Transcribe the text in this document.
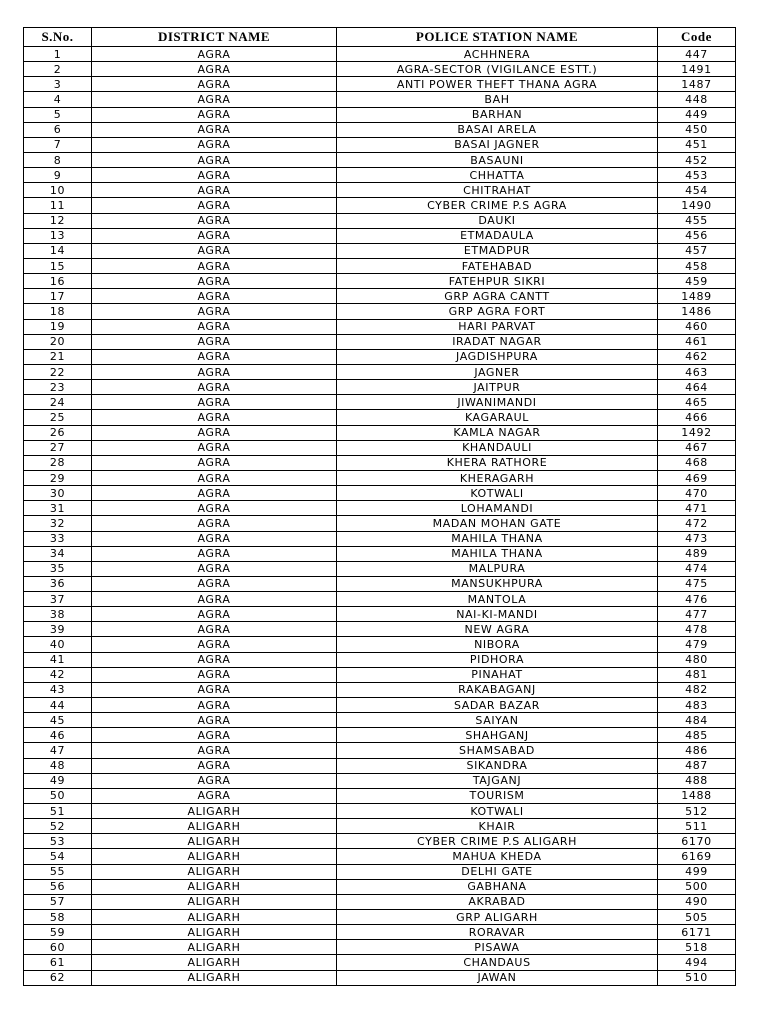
S.No.	DISTRICT NAME	POLICE STATION NAME	Code
1	AGRA	ACHHNERA	447
2	AGRA	AGRA-SECTOR (VIGILANCE ESTT.)	1491
3	AGRA	ANTI POWER THEFT THANA AGRA	1487
4	AGRA	BAH	448
5	AGRA	BARHAN	449
6	AGRA	BASAI ARELA	450
7	AGRA	BASAI JAGNER	451
8	AGRA	BASAUNI	452
9	AGRA	CHHATTA	453
10	AGRA	CHITRAHAT	454
11	AGRA	CYBER CRIME P.S AGRA	1490
12	AGRA	DAUKI	455
13	AGRA	ETMADAULA	456
14	AGRA	ETMADPUR	457
15	AGRA	FATEHABAD	458
16	AGRA	FATEHPUR SIKRI	459
17	AGRA	GRP AGRA CANTT	1489
18	AGRA	GRP AGRA FORT	1486
19	AGRA	HARI PARVAT	460
20	AGRA	IRADAT NAGAR	461
21	AGRA	JAGDISHPURA	462
22	AGRA	JAGNER	463
23	AGRA	JAITPUR	464
24	AGRA	JIWANIMANDI	465
25	AGRA	KAGARAUL	466
26	AGRA	KAMLA NAGAR	1492
27	AGRA	KHANDAULI	467
28	AGRA	KHERA RATHORE	468
29	AGRA	KHERAGARH	469
30	AGRA	KOTWALI	470
31	AGRA	LOHAMANDI	471
32	AGRA	MADAN MOHAN GATE	472
33	AGRA	MAHILA THANA	473
34	AGRA	MAHILA THANA	489
35	AGRA	MALPURA	474
36	AGRA	MANSUKHPURA	475
37	AGRA	MANTOLA	476
38	AGRA	NAI-KI-MANDI	477
39	AGRA	NEW AGRA	478
40	AGRA	NIBORA	479
41	AGRA	PIDHORA	480
42	AGRA	PINAHAT	481
43	AGRA	RAKABAGANJ	482
44	AGRA	SADAR BAZAR	483
45	AGRA	SAIYAN	484
46	AGRA	SHAHGANJ	485
47	AGRA	SHAMSABAD	486
48	AGRA	SIKANDRA	487
49	AGRA	TAJGANJ	488
50	AGRA	TOURISM	1488
51	ALIGARH	KOTWALI	512
52	ALIGARH	KHAIR	511
53	ALIGARH	CYBER CRIME P.S ALIGARH	6170
54	ALIGARH	MAHUA KHEDA	6169
55	ALIGARH	DELHI GATE	499
56	ALIGARH	GABHANA	500
57	ALIGARH	AKRABAD	490
58	ALIGARH	GRP ALIGARH	505
59	ALIGARH	RORAVAR	6171
60	ALIGARH	PISAWA	518
61	ALIGARH	CHANDAUS	494
62	ALIGARH	JAWAN	510
